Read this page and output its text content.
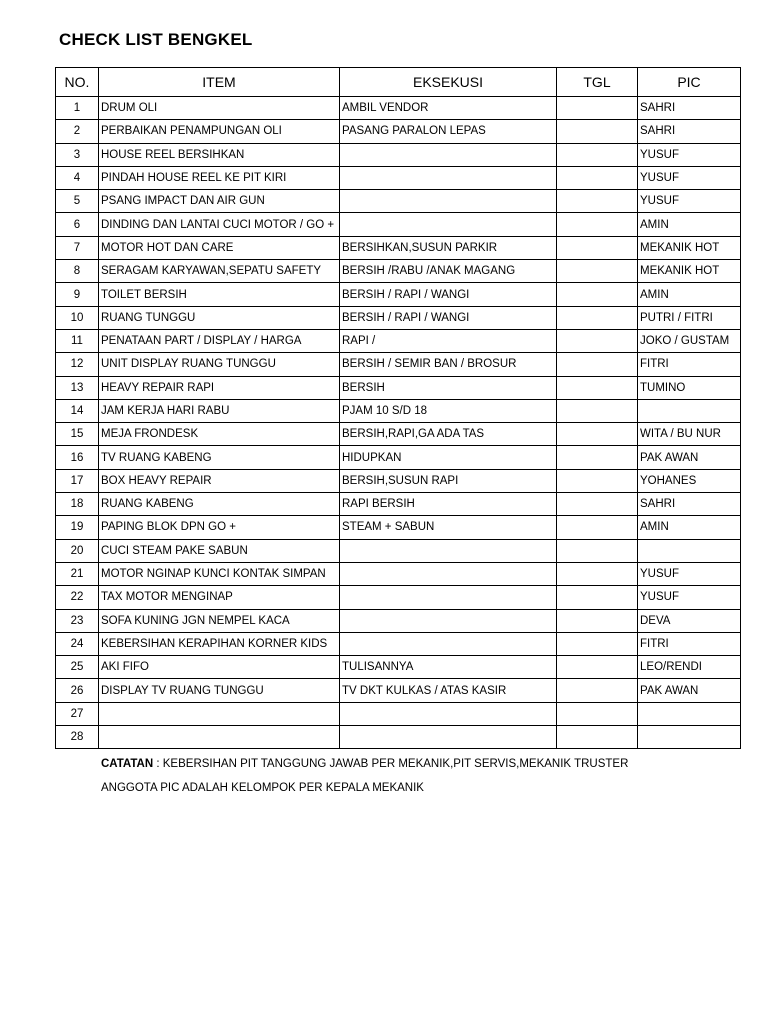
CHECK LIST BENGKEL
NO.	ITEM	EKSEKUSI	TGL	PIC
1	DRUM OLI	AMBIL VENDOR		SAHRI
2	PERBAIKAN PENAMPUNGAN OLI	PASANG PARALON LEPAS		SAHRI
3	HOUSE REEL BERSIHKAN			YUSUF
4	PINDAH HOUSE REEL KE PIT KIRI			YUSUF
5	PSANG IMPACT DAN AIR GUN			YUSUF
6	DINDING DAN LANTAI CUCI MOTOR / GO +			AMIN
7	MOTOR HOT DAN CARE	BERSIHKAN,SUSUN PARKIR		MEKANIK HOT
8	SERAGAM KARYAWAN,SEPATU SAFETY	BERSIH /RABU /ANAK MAGANG		MEKANIK HOT
9	TOILET BERSIH	BERSIH / RAPI / WANGI		AMIN
10	RUANG TUNGGU	BERSIH / RAPI / WANGI		PUTRI / FITRI
11	PENATAAN PART / DISPLAY / HARGA	RAPI /		JOKO / GUSTAM
12	UNIT DISPLAY RUANG TUNGGU	BERSIH / SEMIR BAN / BROSUR		FITRI
13	HEAVY REPAIR RAPI	BERSIH		TUMINO
14	JAM KERJA HARI RABU	PJAM 10 S/D 18		
15	MEJA FRONDESK	BERSIH,RAPI,GA ADA TAS		WITA / BU NUR
16	TV RUANG KABENG	HIDUPKAN		PAK AWAN
17	BOX HEAVY REPAIR	BERSIH,SUSUN RAPI		YOHANES
18	RUANG KABENG	RAPI BERSIH		SAHRI
19	PAPING BLOK DPN GO +	STEAM + SABUN		AMIN
20	CUCI STEAM PAKE SABUN			
21	MOTOR NGINAP KUNCI KONTAK SIMPAN			YUSUF
22	TAX MOTOR MENGINAP			YUSUF
23	SOFA KUNING JGN NEMPEL KACA			DEVA
24	KEBERSIHAN KERAPIHAN KORNER KIDS			FITRI
25	AKI FIFO	TULISANNYA		LEO/RENDI
26	DISPLAY TV RUANG TUNGGU	TV DKT KULKAS / ATAS KASIR		PAK AWAN
27				
28				
CATATAN : KEBERSIHAN PIT TANGGUNG JAWAB PER MEKANIK,PIT SERVIS,MEKANIK TRUSTER
ANGGOTA PIC ADALAH KELOMPOK PER KEPALA MEKANIK
